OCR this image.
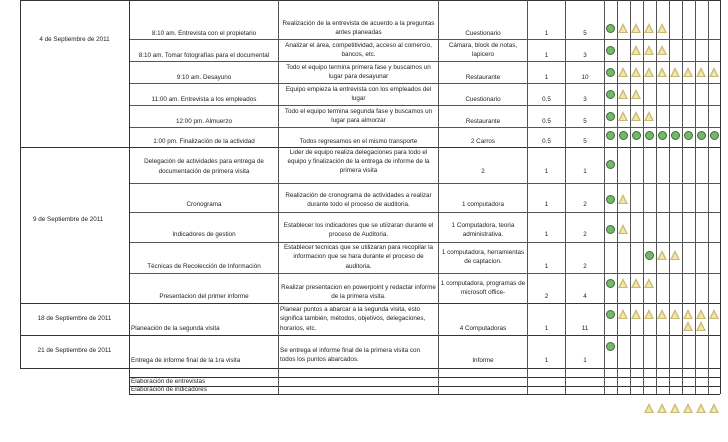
4 de Septiembre de 2011
9 de Septiembre de 2011
18 de Septiembre de 2011
21 de Septiembre de 2011
8:10 am. Entrevista con el propietario
8:10 am. Tomar fotografías para el documental
9:10 am. Desayuno
11:00 am. Entrevista a los empleados
12:00 pm. Almuerzo
1:00 pm. Finalización de la actividad
Delegación de actividades para entrega de documentación de primera visita
Cronograma
Indicadores de gestion
Técnicas de Recolección de Información
Presentacion del primer informe
Planeación de la segunda visita
Entrega de informe final de la 1ra visita
Realización de la entrevista de acuerdo a la preguntas antes planeadas
Analizar el área, competitividad, acceso al comercio, bancos, etc.
Todo el equipo termina primera fase y buscamos un lugar para desayunar
Equipo empieza la entrevista con los empleados del lugar
Todo el equipo termina segunda fase y buscamos un lugar para almorzar
Todos regresamos en el mismo transporte
Lider de equipo realiza delegaciones para todo el equipo y finalización de la entrega de informe de la primera visita
Realización de cronograma de actividades a realizar durante todo el proceso de auditoria.
Establecer los indicadores que se utiizaran durante el proceso de Auditoria.
Establecer tecnicas que se utilizaran para recopilar la informacion que se hara durante el proceso de auditoria.
Realizar presentacion en powerpoint y redactar informe de la primera visita.
Planear puntos a abarcar a la segunda visita, esto significa también, métodos, objetivos, delegaciones, horarios, etc.
Se entrega el informe final de la primera visita con todos los puntos abarcados.
Cuestionario
Cámara, block de notas, lapicero
Restaurante
Cuestionario
Restaurante
2 Carros
2
1 computadora
1 Computadora, teoria administrativa.
1 computadora, herramientas de captacion.
1 computadora, programas de microsoft office-
4 Computadoras
Informe
1
1
1
0.5
0.5
0.5
1
1
1
1
2
1
1
5
3
10
3
5
5
1
2
2
2
4
11
1
Elaboración de entrevistas
Elaboración de indicadores
